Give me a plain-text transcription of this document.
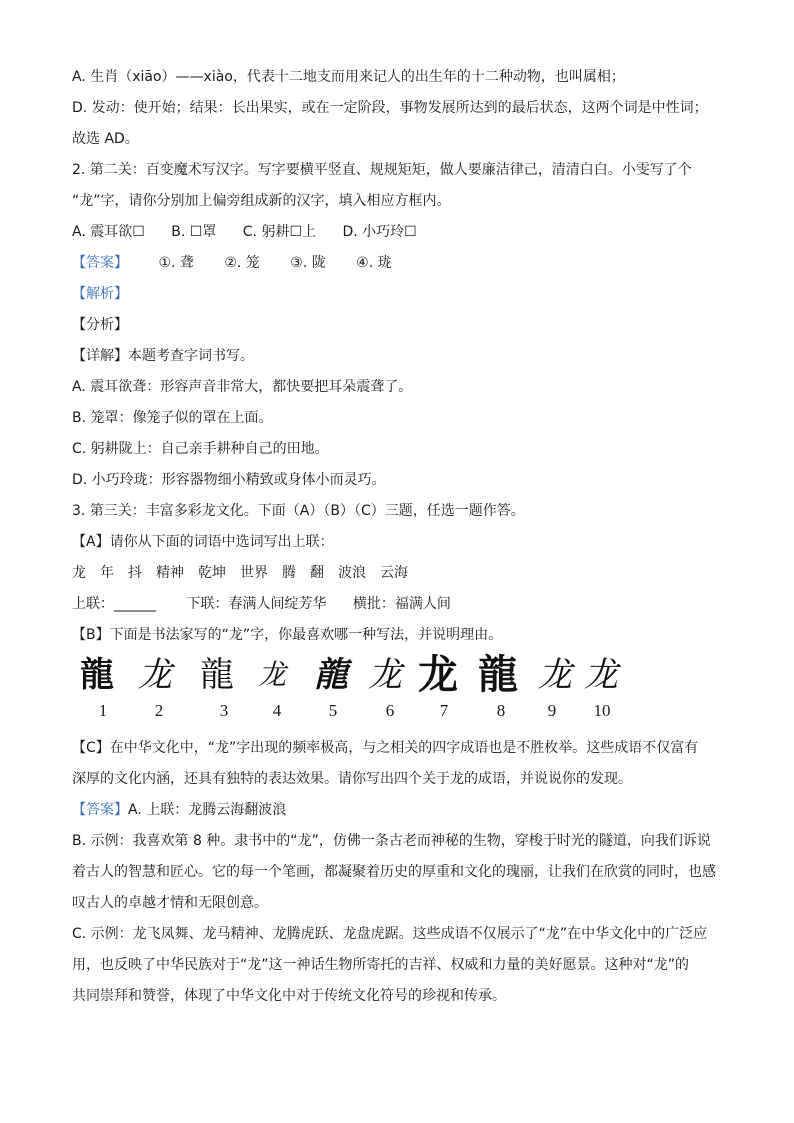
A. 生肖（xiāo）——xiào，代表十二地支而用来记人的出生年的十二种动物，也叫属相；
D. 发动：使开始；结果：长出果实，或在一定阶段，事物发展所达到的最后状态，这两个词是中性词；
故选 AD。
2. 第二关：百变魔术写汉字。写字要横平竖直、规规矩矩，做人要廉洁律己，清清白白。小雯写了个
“龙”字，请你分别加上偏旁组成新的汉字，填入相应方框内。
A. 震耳欲☐ B. ☐罩 C. 躬耕☐上 D. 小巧玲☐
【答案】 ①. 聋 ②. 笼 ③. 陇 ④. 珑
【解析】
【分析】
【详解】本题考查字词书写。
A. 震耳欲聋：形容声音非常大，都快要把耳朵震聋了。
B. 笼罩：像笼子似的罩在上面。
C. 躬耕陇上：自己亲手耕种自己的田地。
D. 小巧玲珑：形容器物细小精致或身体小而灵巧。
3. 第三关：丰富多彩龙文化。下面（A）（B）（C）三题，任选一题作答。
【A】请你从下面的词语中选词写出上联：
龙　年　抖　精神　乾坤　世界　腾　翻　波浪　云海
上联：______ 下联：春满人间绽芳华 横批：福满人间
【B】下面是书法家写的“龙”字，你最喜欢哪一种写法，并说明理由。
龍 龙 龍 龙 龍 龙 龙 龍 龙 龙
1	2	3	4	5	6	7	8	9	10
【C】在中华文化中，“龙”字出现的频率极高，与之相关的四字成语也是不胜枚举。这些成语不仅富有
深厚的文化内涵，还具有独特的表达效果。请你写出四个关于龙的成语，并说说你的发现。
【答案】A. 上联：龙腾云海翻波浪
B. 示例：我喜欢第 8 种。隶书中的“龙”，仿佛一条古老而神秘的生物，穿梭于时光的隧道，向我们诉说
着古人的智慧和匠心。它的每一个笔画，都凝聚着历史的厚重和文化的瑰丽，让我们在欣赏的同时，也感
叹古人的卓越才情和无限创意。
C. 示例：龙飞凤舞、龙马精神、龙腾虎跃、龙盘虎踞。这些成语不仅展示了“龙”在中华文化中的广泛应
用，也反映了中华民族对于“龙”这一神话生物所寄托的吉祥、权威和力量的美好愿景。这种对“龙”的
共同崇拜和赞誉，体现了中华文化中对于传统文化符号的珍视和传承。
